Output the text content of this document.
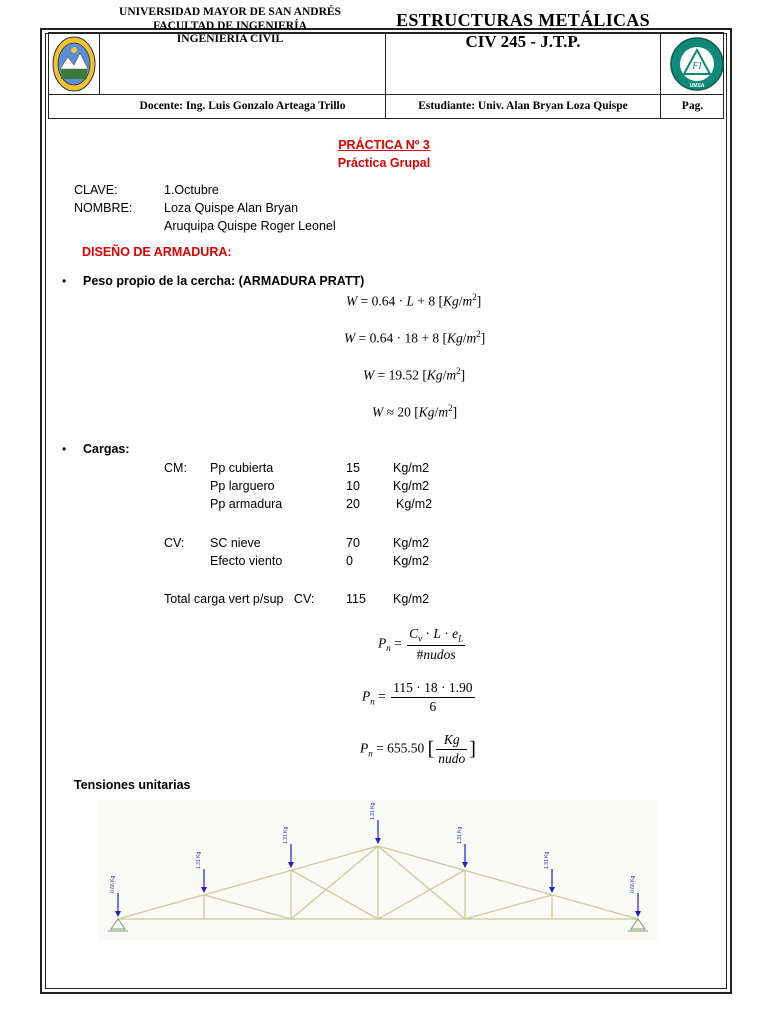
UNIVERSIDAD MAYOR DE SAN ANDRÉS
FACULTAD DE INGENIERÍA
INGENIERÍA CIVIL
ESTRUCTURAS METÁLICAS
CIV 245 - J.T.P.
FI
UMSA
Docente: Ing. Luis Gonzalo Arteaga Trillo	Estudiante: Univ. Alan Bryan Loza Quispe	Pag.
PRÁCTICA Nº 3
Práctica Grupal
CLAVE:	1.Octubre
NOMBRE:	Loza Quispe Alan Bryan
Aruquipa Quispe Roger Leonel
DISEÑO DE ARMADURA:
• Peso propio de la cercha: (ARMADURA PRATT)
W = 0.64 · L + 8 $[Kg/m^2]$
W = 0.64 · 18 + 8 $[Kg/m^2]$
W = 19.52 $[Kg/m^2]$
W ≈ 20 $[Kg/m^2]$
• Cargas:
CM: Pp cubierta	15	Kg/m2
Pp larguero	10	Kg/m2
Pp armadura	20	Kg/m2
CV: SC nieve	70	Kg/m2
Efecto viento	0	Kg/m2
Total carga vert p/sup   CV:	115 Kg/m2
$P_n = \frac{C_v \cdot L \cdot e_L}{\text{\#nudos}}$
$P_n = \frac{115 \cdot 18 \cdot 1.90}{6}$
$P_n = 655.50$ [ $\frac{Kg}{\text{nudo}}$ ]
Tensiones unitarias
0.66 Kg
1.31 Kg
1.31 Kg
1.31 Kg
1.31 Kg
1.31 Kg
0.66 Kg
